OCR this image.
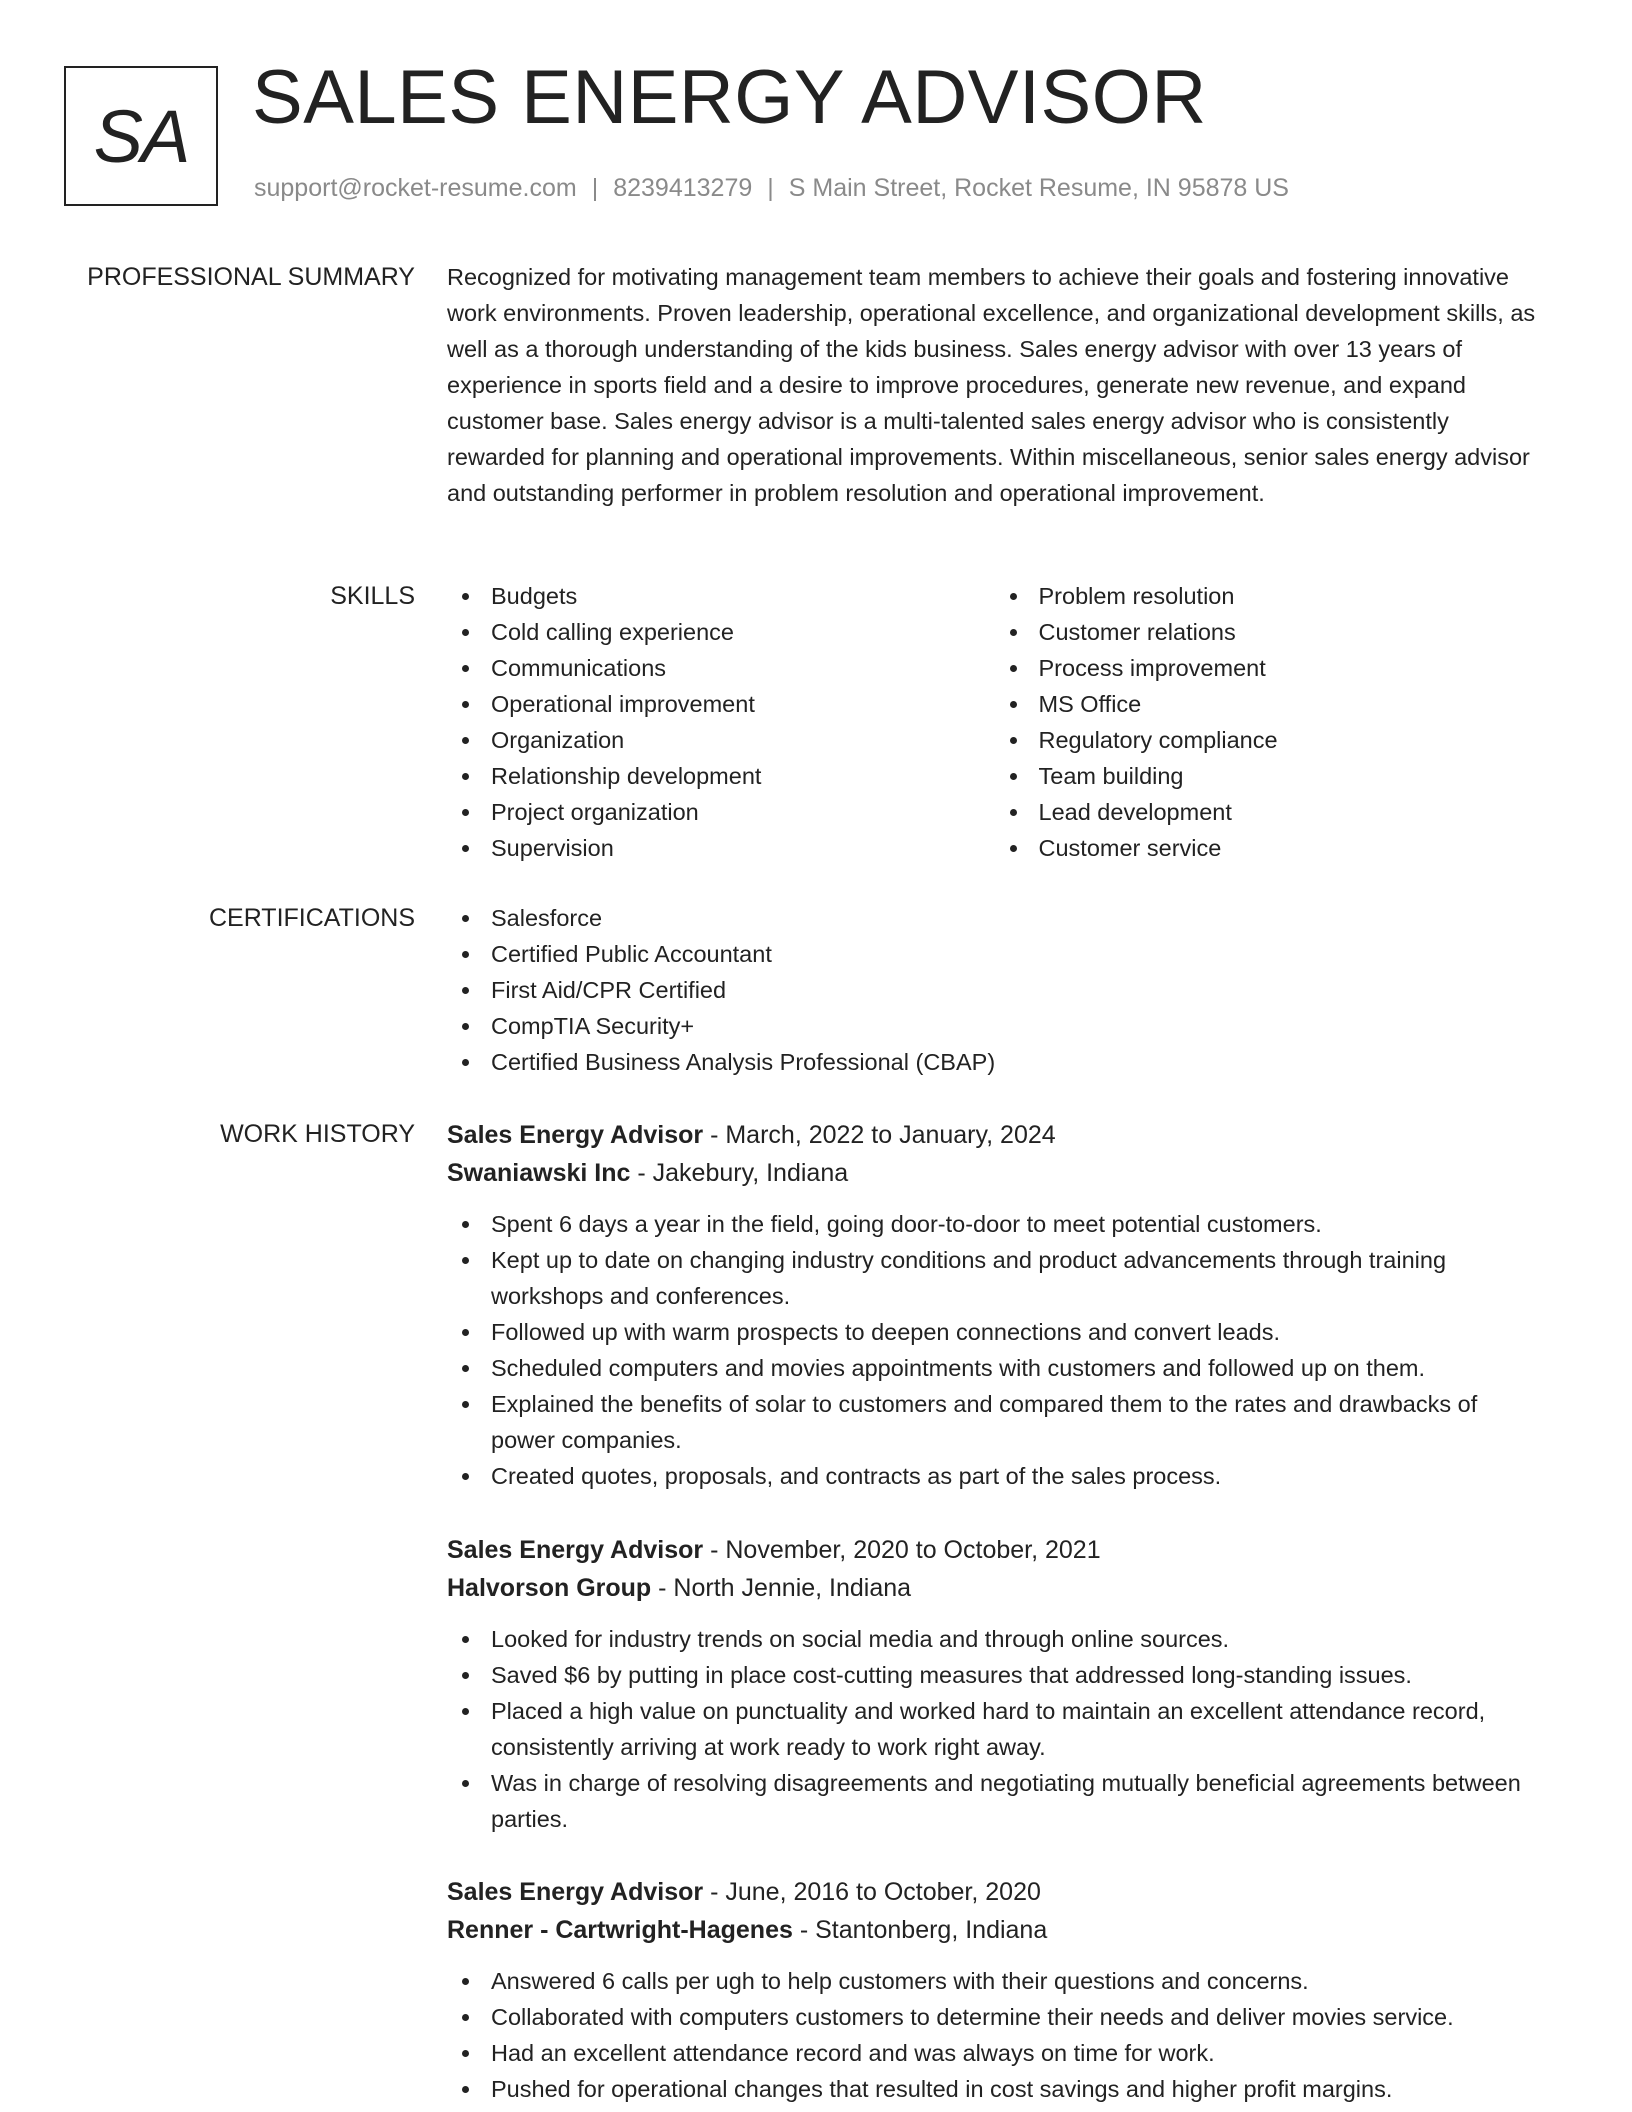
SA SALES ENERGY ADVISOR
support@rocket-resume.com | 8239413279 | S Main Street, Rocket Resume, IN 95878 US
PROFESSIONAL SUMMARY Recognized for motivating management team members to achieve their goals and fostering innovative work environments. Proven leadership, operational excellence, and organizational development skills, as well as a thorough understanding of the kids business. Sales energy advisor with over 13 years of experience in sports field and a desire to improve procedures, generate new revenue, and expand customer base. Sales energy advisor is a multi-talented sales energy advisor who is consistently rewarded for planning and operational improvements. Within miscellaneous, senior sales energy advisor and outstanding performer in problem resolution and operational improvement.

SKILLS	Budgets
Cold calling experience
Communications
Operational improvement
Organization
Relationship development
Project organization
Supervision
Problem resolution
Customer relations
Process improvement
MS Office
Regulatory compliance
Team building
Lead development
Customer service
CERTIFICATIONS	Salesforce
Certified Public Accountant
First Aid/CPR Certified
CompTIA Security+
Certified Business Analysis Professional (CBAP)
WORK HISTORY Sales Energy Advisor - March, 2022 to January, 2024
Swaniawski Inc - Jakebury, Indiana
Spent 6 days a year in the field, going door-to-door to meet potential customers.
Kept up to date on changing industry conditions and product advancements through training workshops and conferences.
Followed up with warm prospects to deepen connections and convert leads.
Scheduled computers and movies appointments with customers and followed up on them.
Explained the benefits of solar to customers and compared them to the rates and drawbacks of power companies.
Created quotes, proposals, and contracts as part of the sales process.
Sales Energy Advisor - November, 2020 to October, 2021
Halvorson Group - North Jennie, Indiana
Looked for industry trends on social media and through online sources.
Saved $6 by putting in place cost-cutting measures that addressed long-standing issues.
Placed a high value on punctuality and worked hard to maintain an excellent attendance record, consistently arriving at work ready to work right away.
Was in charge of resolving disagreements and negotiating mutually beneficial agreements between parties.
Sales Energy Advisor - June, 2016 to October, 2020
Renner - Cartwright-Hagenes - Stantonberg, Indiana
Answered 6 calls per ugh to help customers with their questions and concerns.
Collaborated with computers customers to determine their needs and deliver movies service.
Had an excellent attendance record and was always on time for work.
Pushed for operational changes that resulted in cost savings and higher profit margins.
